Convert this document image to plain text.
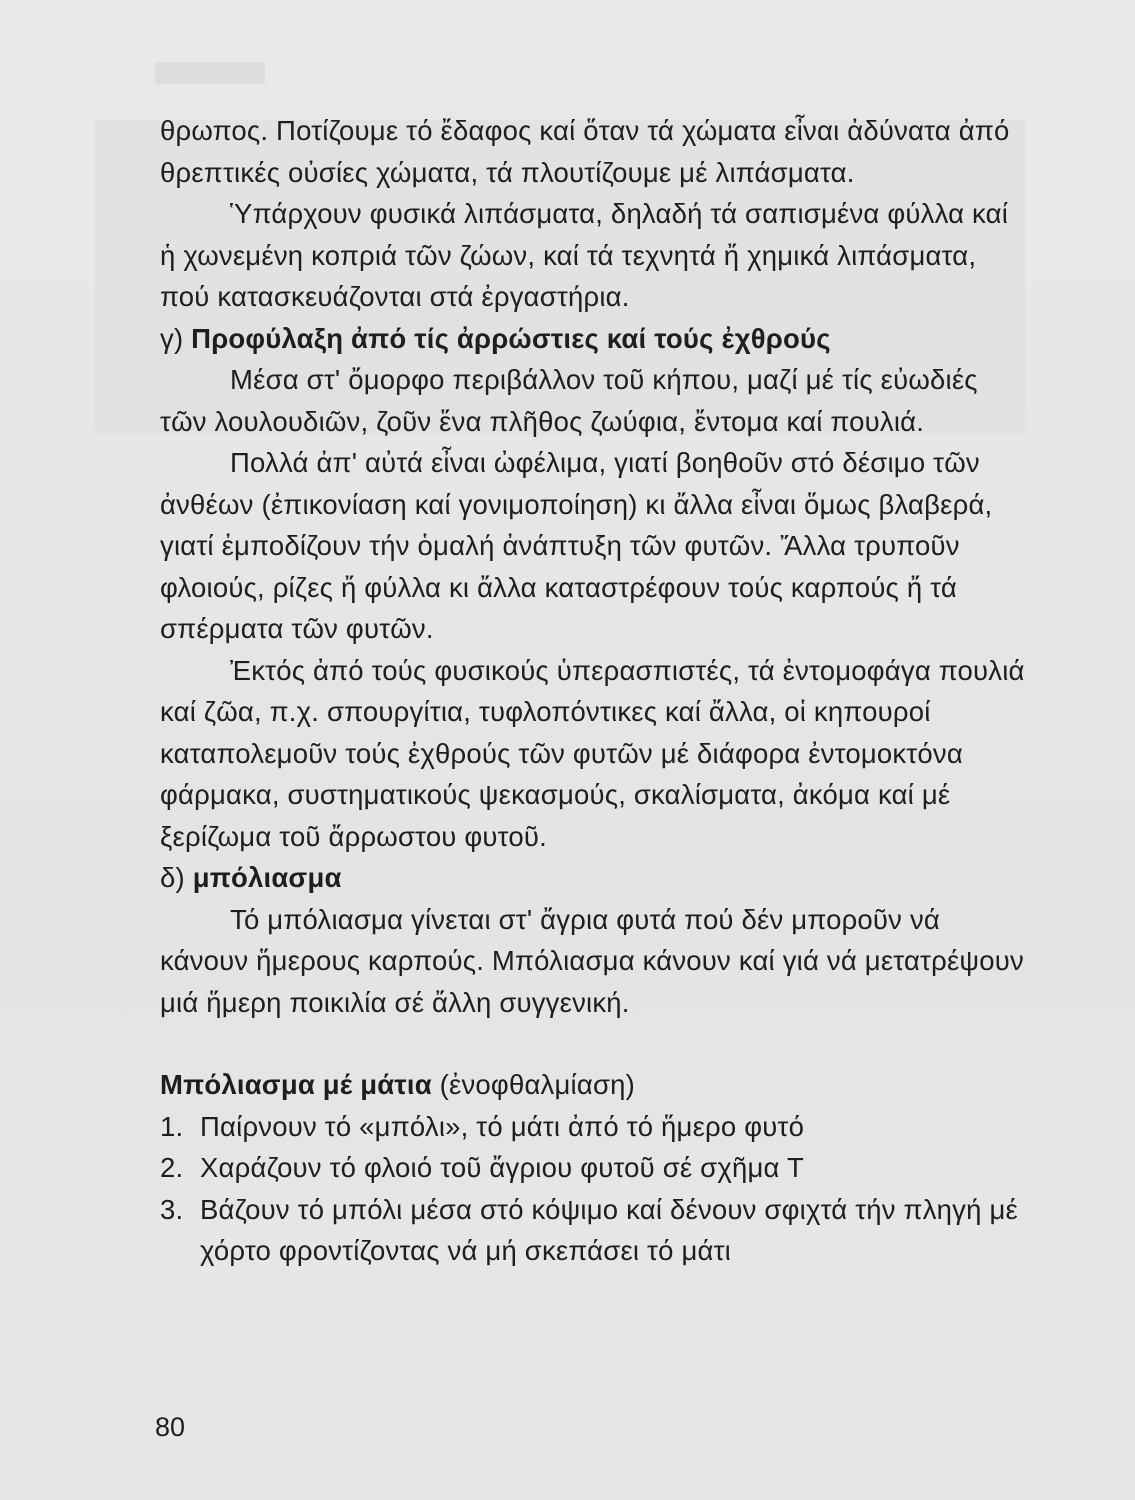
θρωπος. Ποτίζουμε τό ἔδαφος καί ὅταν τά χώματα εἶναι ἀδύνατα ἀπό θρεπτικές οὐσίες χώματα, τά πλουτίζουμε μέ λιπάσματα.

Ὑπάρχουν φυσικά λιπάσματα, δηλαδή τά σαπισμένα φύλλα καί ἡ χωνεμένη κοπριά τῶν ζώων, καί τά τεχνητά ἤ χημικά λιπάσματα, πού κατασκευάζονται στά ἐργαστήρια.

γ) Προφύλαξη ἀπό τίς ἀρρώστιες καί τούς ἐχθρούς

Μέσα στ' ὄμορφο περιβάλλον τοῦ κήπου, μαζί μέ τίς εὐωδιές τῶν λουλουδιῶν, ζοῦν ἕνα πλῆθος ζωύφια, ἔντομα καί πουλιά.

Πολλά ἀπ' αὐτά εἶναι ὠφέλιμα, γιατί βοηθοῦν στό δέσιμο τῶν ἀνθέων (ἐπικονίαση καί γονιμοποίηση) κι ἄλλα εἶναι ὅμως βλαβερά, γιατί ἐμποδίζουν τήν ὁμαλή ἀνάπτυξη τῶν φυτῶν. Ἄλλα τρυποῦν φλοιούς, ρίζες ἤ φύλλα κι ἄλλα καταστρέφουν τούς καρπούς ἤ τά σπέρματα τῶν φυτῶν.

Ἐκτός ἀπό τούς φυσικούς ὑπερασπιστές, τά ἐντομοφάγα πουλιά καί ζῶα, π.χ. σπουργίτια, τυφλοπόντικες καί ἄλλα, οἱ κηπουροί καταπολεμοῦν τούς ἐχθρούς τῶν φυτῶν μέ διάφορα ἐντομοκτόνα φάρμακα, συστηματικούς ψεκασμούς, σκαλίσματα, ἀκόμα καί μέ ξερίζωμα τοῦ ἄρρωστου φυτοῦ.

δ) μπόλιασμα

Τό μπόλιασμα γίνεται στ' ἄγρια φυτά πού δέν μποροῦν νά κάνουν ἥμερους καρπούς. Μπόλιασμα κάνουν καί γιά νά μετατρέψουν μιά ἥμερη ποικιλία σέ ἄλλη συγγενική.

Μπόλιασμα μέ μάτια (ἐνοφθαλμίαση)

1. Παίρνουν τό «μπόλι», τό μάτι ἀπό τό ἥμερο φυτό
2. Χαράζουν τό φλοιό τοῦ ἄγριου φυτοῦ σέ σχῆμα Τ
3. Βάζουν τό μπόλι μέσα στό κόψιμο καί δένουν σφιχτά τήν πληγή μέ χόρτο φροντίζοντας νά μή σκεπάσει τό μάτι
80
